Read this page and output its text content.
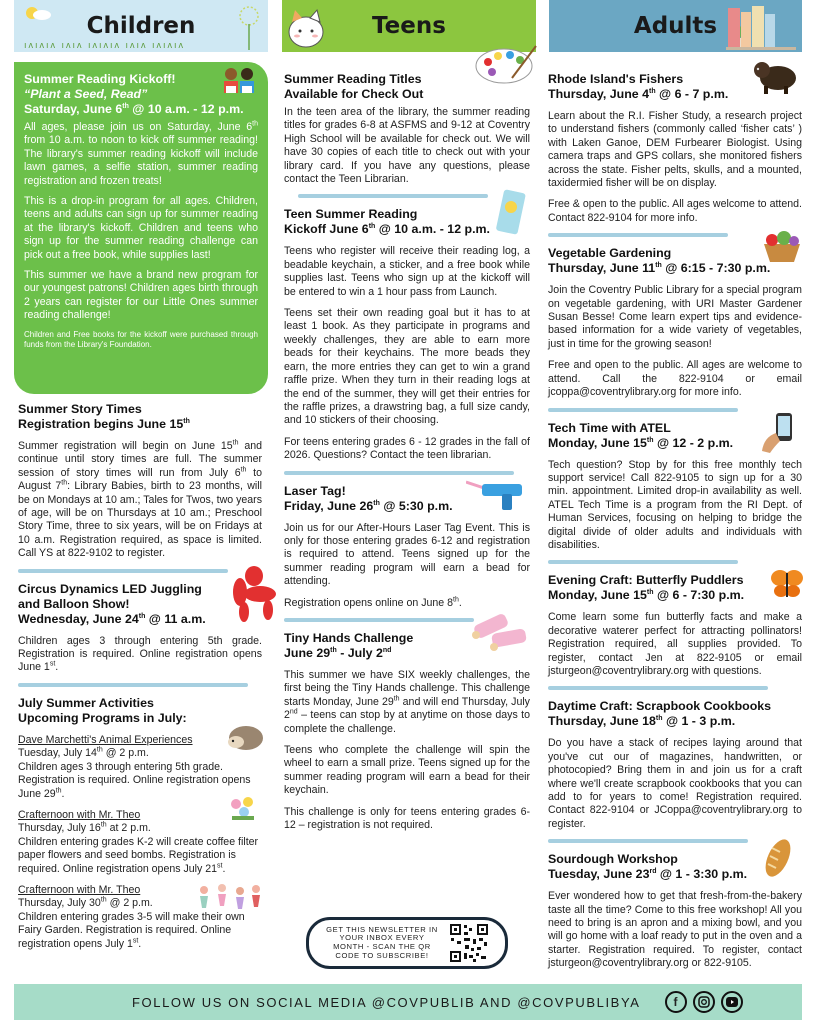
Children
ıʌıʌıʌ ıʌıʌ ıʌıʌıʌ ıʌıʌ ıʌıʌıʌ
Teens	Adults
Summer Reading Kickoff!
“Plant a Seed, Read”
Saturday, June 6th @ 10 a.m. - 12 p.m.

All ages, please join us on Saturday, June 6th from 10 a.m. to noon to kick off summer reading! The library's summer reading kickoff will include lawn games, a selfie station, summer reading registration and frozen treats!

This is a drop-in program for all ages. Children, teens and adults can sign up for summer reading at the library's kickoff. Children and teens who sign up for the summer reading challenge can pick out a free book, while supplies last!

This summer we have a brand new program for our youngest patrons! Children ages birth through 2 years can register for our Little Ones summer reading challenge!

Children and Free books for the kickoff were purchased through funds from the Library's Foundation.

Summer Story Times
Registration begins June 15th

Summer registration will begin on June 15th and continue until story times are full. The summer session of story times will run from July 6th to August 7th: Library Babies, birth to 23 months, will be on Mondays at 10 am.; Tales for Twos, two years of age, will be on Thursdays at 10 am.; Preschool Story Time, three to six years, will be on Fridays at 10 a.m. Registration required, as space is limited. Call YS at 822-9102 to register.

Circus Dynamics LED Juggling
and Balloon Show!
Wednesday, June 24th @ 11 a.m.

Children ages 3 through entering 5th grade. Registration is required. Online registration opens June 1st.

July Summer Activities
Upcoming Programs in July:
Dave Marchetti's Animal Experiences
Tuesday, July 14th @ 2 p.m.
Children ages 3 through entering 5th grade. Registration is required. Online registration opens June 29th.
Crafternoon with Mr. Theo
Thursday, July 16th at 2 p.m.
Children entering grades K-2 will create coffee filter paper flowers and seed bombs. Registration is required. Online registration opens July 21st.
Crafternoon with Mr. Theo
Thursday, July 30th @ 2 p.m.
Children entering grades 3-5 will make their own Fairy Garden. Registration is required. Online registration opens July 1st.
Summer Reading Titles
Available for Check Out

In the teen area of the library, the summer reading titles for grades 6-8 at ASFMS and 9-12 at Coventry High School will be available for check out. We will have 30 copies of each title to check out with your library card. If you have any questions, please contact the Teen Librarian.

Teen Summer Reading
Kickoff June 6th @ 10 a.m. - 12 p.m.

Teens who register will receive their reading log, a beadable keychain, a sticker, and a free book while supplies last. Teens who sign up at the kickoff will be entered to win a 1 hour pass from Launch.

Teens set their own reading goal but it has to at least 1 book. As they participate in programs and weekly challenges, they are able to earn more beads for their keychains. The more beads they earn, the more entries they can get to win a grand raffle prize. When they turn in their reading logs at the end of the summer, they will get their entries for the raffle prizes, a drawstring bag, a full size candy, and 10 stickers of their choosing.

For teens entering grades 6 - 12 grades in the fall of 2026. Questions? Contact the teen librarian.

Laser Tag!
Friday, June 26th @ 5:30 p.m.

Join us for our After-Hours Laser Tag Event. This is only for those entering grades 6-12 and registration is required to attend. Teens signed up for the summer reading program will earn a bead for attending.

Registration opens online on June 8th.

Tiny Hands Challenge
June 29th - July 2nd

This summer we have SIX weekly challenges, the first being the Tiny Hands challenge. This challenge starts Monday, June 29th and will end Thursday, July 2nd – teens can stop by at anytime on those days to complete the challenge.

Teens who complete the challenge will spin the wheel to earn a small prize. Teens signed up for the summer reading program will earn a bead for their keychain.

This challenge is only for teens entering grades 6-12 – registration is not required.

GET THIS NEWSLETTER IN YOUR INBOX EVERY MONTH - SCAN THE QR CODE TO SUBSCRIBE!
Rhode Island's Fishers
Thursday, June 4th @ 6 - 7 p.m.

Learn about the R.I. Fisher Study, a research project to understand fishers (commonly called ‘fisher cats’ ) with Laken Ganoe, DEM Furbearer Biologist. Using camera traps and GPS collars, she monitored fishers across the state. Fisher pelts, skulls, and a mounted, taxidermied fisher will be on display.

Free & open to the public. All ages welcome to attend. Contact 822-9104 for more info.

Vegetable Gardening
Thursday, June 11th @ 6:15 - 7:30 p.m.

Join the Coventry Public Library for a special program on vegetable gardening, with URI Master Gardener Susan Besse! Come learn expert tips and evidence-based information for a wide variety of vegetables, just in time for the growing season!

Free and open to the public. All ages are welcome to attend. Call the 822-9104 or email jcoppa@coventrylibrary.org for more info.

Tech Time with ATEL
Monday, June 15th @ 12 - 2 p.m.

Tech question? Stop by for this free monthly tech support service! Call 822-9105 to sign up for a 30 min. appointment. Limited drop-in availability as well. ATEL Tech Time is a program from the RI Dept. of Human Services, focusing on helping to bridge the digital divide of older adults and individuals with disabilities.

Evening Craft: Butterfly Puddlers
Monday, June 15th @ 6 - 7:30 p.m.

Come learn some fun butterfly facts and make a decorative waterer perfect for attracting pollinators! Registration required, all supplies provided. To register, contact Jen at 822-9105 or email jsturgeon@coventrylibrary.org with questions.

Daytime Craft: Scrapbook Cookbooks
Thursday, June 18th @ 1 - 3 p.m.

Do you have a stack of recipes laying around that you've cut our of magazines, handwritten, or photocopied? Bring them in and join us for a craft where we'll create scrapbook cookbooks that you can add to for years to come! Registration required. Contact 822-9104 or JCoppa@coventrylibrary.org to register.

Sourdough Workshop
Tuesday, June 23rd @ 1 - 3:30 p.m.

Ever wondered how to get that fresh-from-the-bakery taste all the time? Come to this free workshop! All you need to bring is an apron and a mixing bowl, and you will go home with a loaf ready to put in the oven and a starter. Registration required. To register, contact jsturgeon@coventrylibrary.org or 822-9105.

FOLLOW US ON SOCIAL MEDIA @COVPUBLIB AND @COVPUBLIBYA	f
